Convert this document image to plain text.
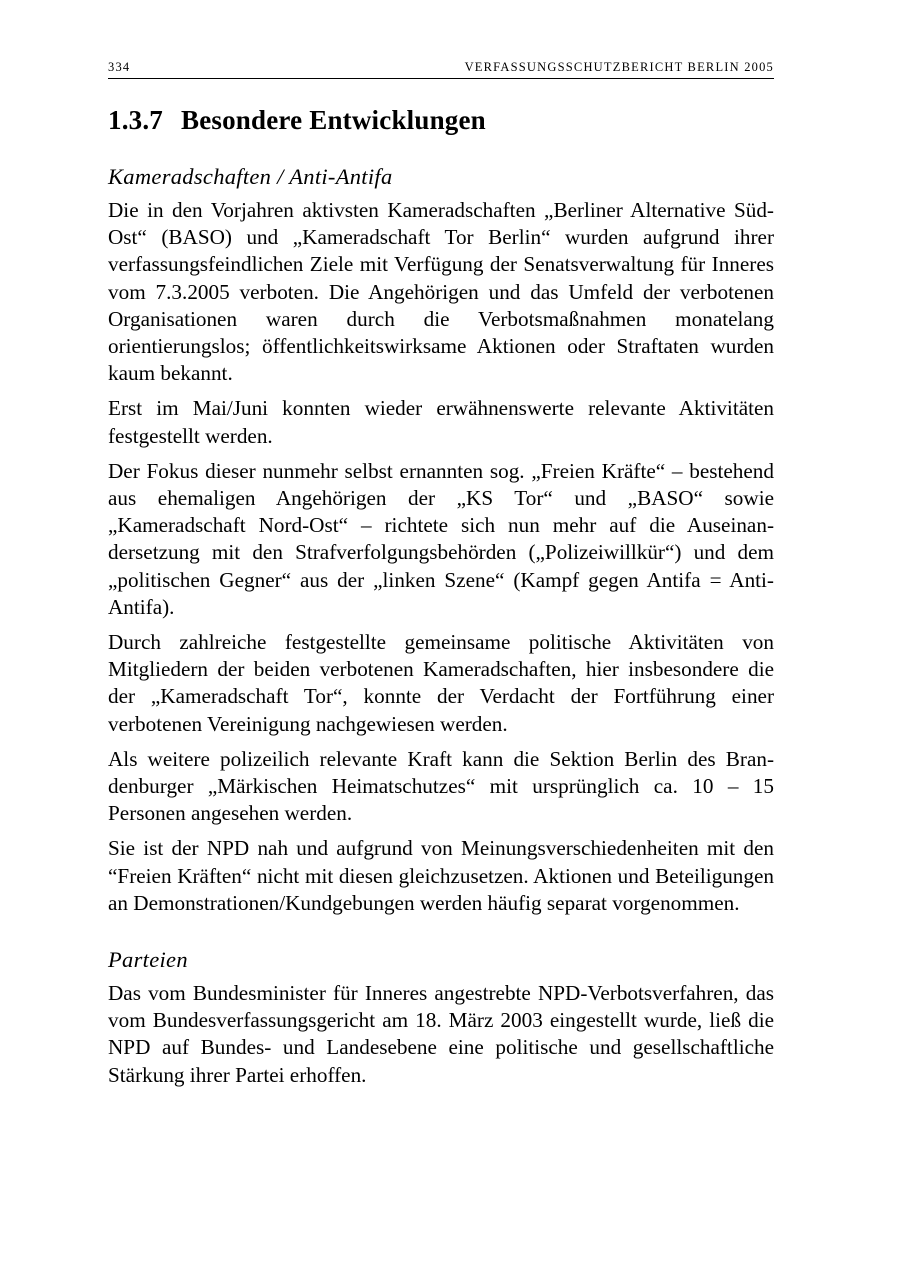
334	VERFASSUNGSSCHUTZBERICHT BERLIN 2005
1.3.7 Besondere Entwicklungen
Kameradschaften / Anti-Antifa

Die in den Vorjahren aktivsten Kameradschaften „Berliner Alternative Süd-Ost“ (BASO) und „Kameradschaft Tor Berlin“ wurden aufgrund ihrer verfassungsfeindlichen Ziele mit Verfügung der Senatsverwaltung für Inneres vom 7.3.2005 verboten. Die Angehörigen und das Umfeld der verbotenen Organisationen waren durch die Verbotsmaßnahmen monatelang orientierungslos; öffentlichkeitswirksame Aktionen oder Straftaten wurden kaum bekannt.

Erst im Mai/Juni konnten wieder erwähnenswerte relevante Aktivitäten festgestellt werden.

Der Fokus dieser nunmehr selbst ernannten sog. „Freien Kräfte“ – bestehend aus ehemaligen Angehörigen der „KS Tor“ und „BASO“ sowie „Kameradschaft Nord-Ost“ – richtete sich nun mehr auf die Auseinandersetzung mit den Strafverfolgungsbehörden („Polizeiwillkür“) und dem „politischen Gegner“ aus der „linken Szene“ (Kampf gegen Antifa = Anti-Antifa).

Durch zahlreiche festgestellte gemeinsame politische Aktivitäten von Mitgliedern der beiden verbotenen Kameradschaften, hier insbesondere die der „Kameradschaft Tor“, konnte der Verdacht der Fortführung einer verbotenen Vereinigung nachgewiesen werden.

Als weitere polizeilich relevante Kraft kann die Sektion Berlin des Brandenburger „Märkischen Heimatschutzes“ mit ursprünglich ca. 10 – 15 Personen angesehen werden.

Sie ist der NPD nah und aufgrund von Meinungsverschiedenheiten mit den “Freien Kräften“ nicht mit diesen gleichzusetzen. Aktionen und Beteiligungen an Demonstrationen/Kundgebungen werden häufig separat vorgenommen.

Parteien

Das vom Bundesminister für Inneres angestrebte NPD-Verbotsverfahren, das vom Bundesverfassungsgericht am 18. März 2003 eingestellt wurde, ließ die NPD auf Bundes- und Landesebene eine politische und gesellschaftliche Stärkung ihrer Partei erhoffen.
